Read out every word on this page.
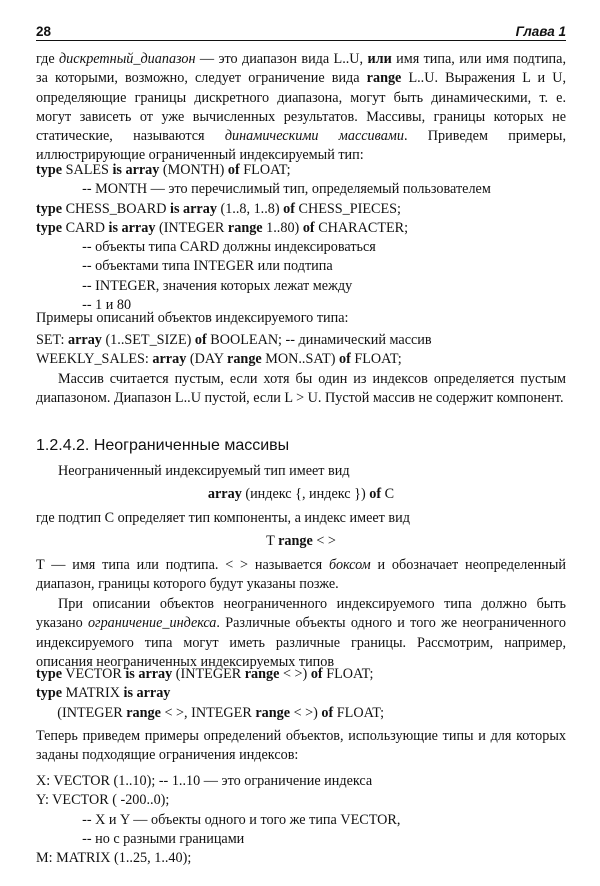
28	Глава 1

где дискретный_диапазон — это диапазон вида L..U, или имя типа, или имя подтипа, за которыми, возможно, следует ограничение вида range L..U. Выражения L и U, определяющие границы дискретного диапазона, могут быть динамическими, т. е. могут зависеть от уже вычисленных результатов. Массивы, границы которых не статические, называются динамическими массивами. Приведем примеры, иллюстрирующие ограниченный индексируемый тип:

type SALES is array (MONTH) of FLOAT;
-- MONTH — это перечислимый тип, определяемый пользователем
type CHESS_BOARD is array (1..8, 1..8) of CHESS_PIECES;
type CARD is array (INTEGER range 1..80) of CHARACTER;
-- объекты типа CARD должны индексироваться
-- объектами типа INTEGER или подтипа
-- INTEGER, значения которых лежат между
-- 1 и 80

Примеры описаний объектов индексируемого типа:

SET: array (1..SET_SIZE) of BOOLEAN; -- динамический массив
WEEKLY_SALES: array (DAY range MON..SAT) of FLOAT;

Массив считается пустым, если хотя бы один из индексов определяется пустым диапазоном. Диапазон L..U пустой, если L > U. Пустой массив не содержит компонент.

1.2.4.2. Неограниченные массивы

Неограниченный индексируемый тип имеет вид

array (индекс {, индекс }) of C

где подтип C определяет тип компоненты, а индекс имеет вид

T range < >

T — имя типа или подтипа. < > называется боксом и обозначает неопределенный диапазон, границы которого будут указаны позже.

При описании объектов неограниченного индексируемого типа должно быть указано ограничение_индекса. Различные объекты одного и того же неограниченного индексируемого типа могут иметь различные границы. Рассмотрим, например, описания неограниченных индексируемых типов

type VECTOR is array (INTEGER range < >) of FLOAT;
type MATRIX is array
(INTEGER range < >, INTEGER range < >) of FLOAT;

Теперь приведем примеры определений объектов, использующие типы и для которых заданы подходящие ограничения индексов:

X: VECTOR (1..10); -- 1..10 — это ограничение индекса
Y: VECTOR ( -200..0);
-- X и Y — объекты одного и того же типа VECTOR,
-- но с разными границами
M: MATRIX (1..25, 1..40);
